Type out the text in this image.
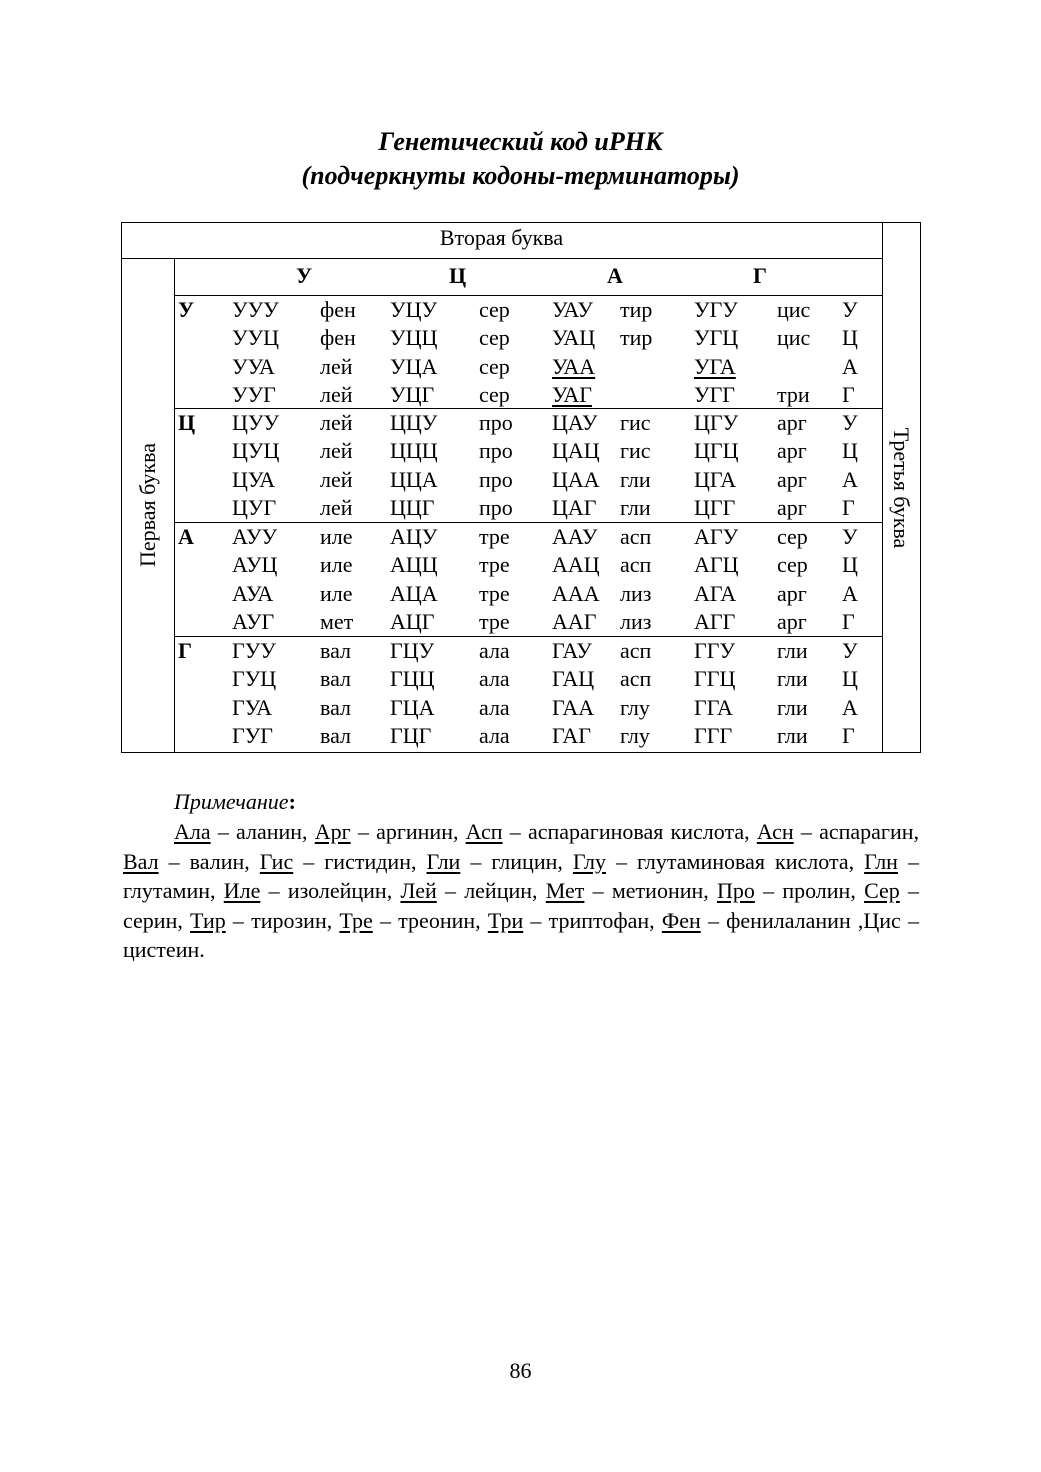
Генетический код иРНК
(подчеркнуты кодоны-терминаторы)
Вторая буква
У	Ц	А	Г
Первая буква	Третья буква
У УУУ фен УЦУ сер УАУ тир УГУ цис У
УУЦ фен УЦЦ сер УАЦ тир УГЦ цис Ц
УУА лей УЦА сер УАА	УГА	А
УУГ лей УЦГ сер УАГ	УГГ три Г
Ц ЦУУ лей ЦЦУ про ЦАУ гис ЦГУ арг У
ЦУЦ лей ЦЦЦ про ЦАЦ гис ЦГЦ арг Ц
ЦУА лей ЦЦА про ЦАА гли ЦГА арг А
ЦУГ лей ЦЦГ про ЦАГ гли ЦГГ арг Г
А АУУ иле АЦУ тре ААУ асп АГУ сер У
АУЦ иле АЦЦ тре ААЦ асп АГЦ сер Ц
АУА иле АЦА тре ААА лиз АГА арг А
АУГ мет АЦГ тре ААГ лиз АГГ арг Г
Г ГУУ вал ГЦУ ала ГАУ асп ГГУ гли У
ГУЦ вал ГЦЦ ала ГАЦ асп ГГЦ гли Ц
ГУА вал ГЦА ала ГАА глу ГГА гли А
ГУГ вал ГЦГ ала ГАГ глу ГГГ гли Г
Примечание:
Ала – аланин, Арг – аргинин, Асп – аспарагиновая кислота, Асн – аспарагин, Вал – валин, Гис – гистидин, Гли – глицин, Глу – глутаминовая кислота, Глн – глутамин, Иле – изолейцин, Лей – лейцин, Мет – метионин, Про – пролин, Сер – серин, Тир – тирозин, Тре – треонин, Три – триптофан, Фен – фенилаланин ,Цис –цистеин.
86
